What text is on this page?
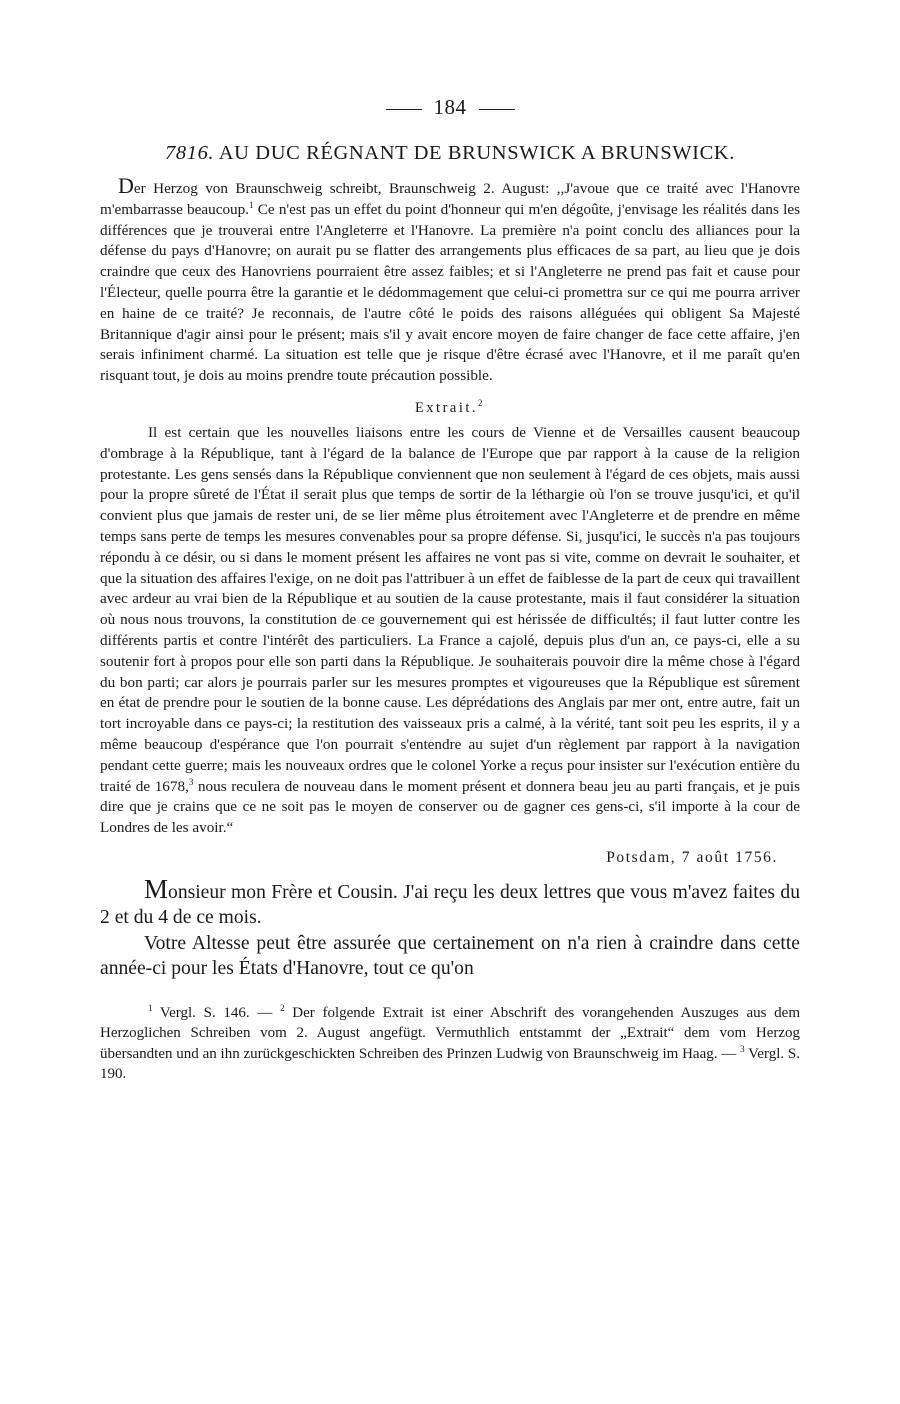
184
7816. AU DUC RÉGNANT DE BRUNSWICK A BRUNSWICK.
Der Herzog von Braunschweig schreibt, Braunschweig 2. August: ,,J'avoue que ce traité avec l'Hanovre m'embarrasse beaucoup.$^1$ Ce n'est pas un effet du point d'honneur qui m'en dégoûte, j'envisage les réalités dans les différences que je trouverai entre l'Angleterre et l'Hanovre. La première n'a point conclu des alliances pour la défense du pays d'Hanovre; on aurait pu se flatter des arrangements plus efficaces de sa part, au lieu que je dois craindre que ceux des Hanovriens pourraient être assez faibles; et si l'Angleterre ne prend pas fait et cause pour l'Électeur, quelle pourra être la garantie et le dédommagement que celui-ci promettra sur ce qui me pourra arriver en haine de ce traité? Je reconnais, de l'autre côté le poids des raisons alléguées qui obligent Sa Majesté Britannique d'agir ainsi pour le présent; mais s'il y avait encore moyen de faire changer de face cette affaire, j'en serais infiniment charmé. La situation est telle que je risque d'être écrasé avec l'Hanovre, et il me paraît qu'en risquant tout, je dois au moins prendre toute précaution possible.
Extrait.$^2$
Il est certain que les nouvelles liaisons entre les cours de Vienne et de Versailles causent beaucoup d'ombrage à la République, tant à l'égard de la balance de l'Europe que par rapport à la cause de la religion protestante. Les gens sensés dans la République conviennent que non seulement à l'égard de ces objets, mais aussi pour la propre sûreté de l'État il serait plus que temps de sortir de la léthargie où l'on se trouve jusqu'ici, et qu'il convient plus que jamais de rester uni, de se lier même plus étroitement avec l'Angleterre et de prendre en même temps sans perte de temps les mesures convenables pour sa propre défense. Si, jusqu'ici, le succès n'a pas toujours répondu à ce désir, ou si dans le moment présent les affaires ne vont pas si vite, comme on devrait le souhaiter, et que la situation des affaires l'exige, on ne doit pas l'attribuer à un effet de faiblesse de la part de ceux qui travaillent avec ardeur au vrai bien de la République et au soutien de la cause protestante, mais il faut considérer la situation où nous nous trouvons, la constitution de ce gouvernement qui est hérissée de difficultés; il faut lutter contre les différents partis et contre l'intérêt des particuliers. La France a cajolé, depuis plus d'un an, ce pays-ci, elle a su soutenir fort à propos pour elle son parti dans la République. Je souhaiterais pouvoir dire la même chose à l'égard du bon parti; car alors je pourrais parler sur les mesures promptes et vigoureuses que la République est sûrement en état de prendre pour le soutien de la bonne cause. Les déprédations des Anglais par mer ont, entre autre, fait un tort incroyable dans ce pays-ci; la restitution des vaisseaux pris a calmé, à la vérité, tant soit peu les esprits, il y a même beaucoup d'espérance que l'on pourrait s'entendre au sujet d'un règlement par rapport à la navigation pendant cette guerre; mais les nouveaux ordres que le colonel Yorke a reçus pour insister sur l'exécution entière du traité de 1678,$^3$ nous reculera de nouveau dans le moment présent et donnera beau jeu au parti français, et je puis dire que je crains que ce ne soit pas le moyen de conserver ou de gagner ces gens-ci, s'il importe à la cour de Londres de les avoir.“
Potsdam, 7 août 1756.

Monsieur mon Frère et Cousin. J'ai reçu les deux lettres que vous m'avez faites du 2 et du 4 de ce mois.

Votre Altesse peut être assurée que certainement on n'a rien à craindre dans cette année-ci pour les États d'Hanovre, tout ce qu'on

$^1$ Vergl. S. 146. — $^2$ Der folgende Extrait ist einer Abschrift des vorangehenden Auszuges aus dem Herzoglichen Schreiben vom 2. August angefügt. Vermuthlich entstammt der „Extrait“ dem vom Herzog übersandten und an ihn zurückgeschickten Schreiben des Prinzen Ludwig von Braunschweig im Haag. — $^3$ Vergl. S. 190.
